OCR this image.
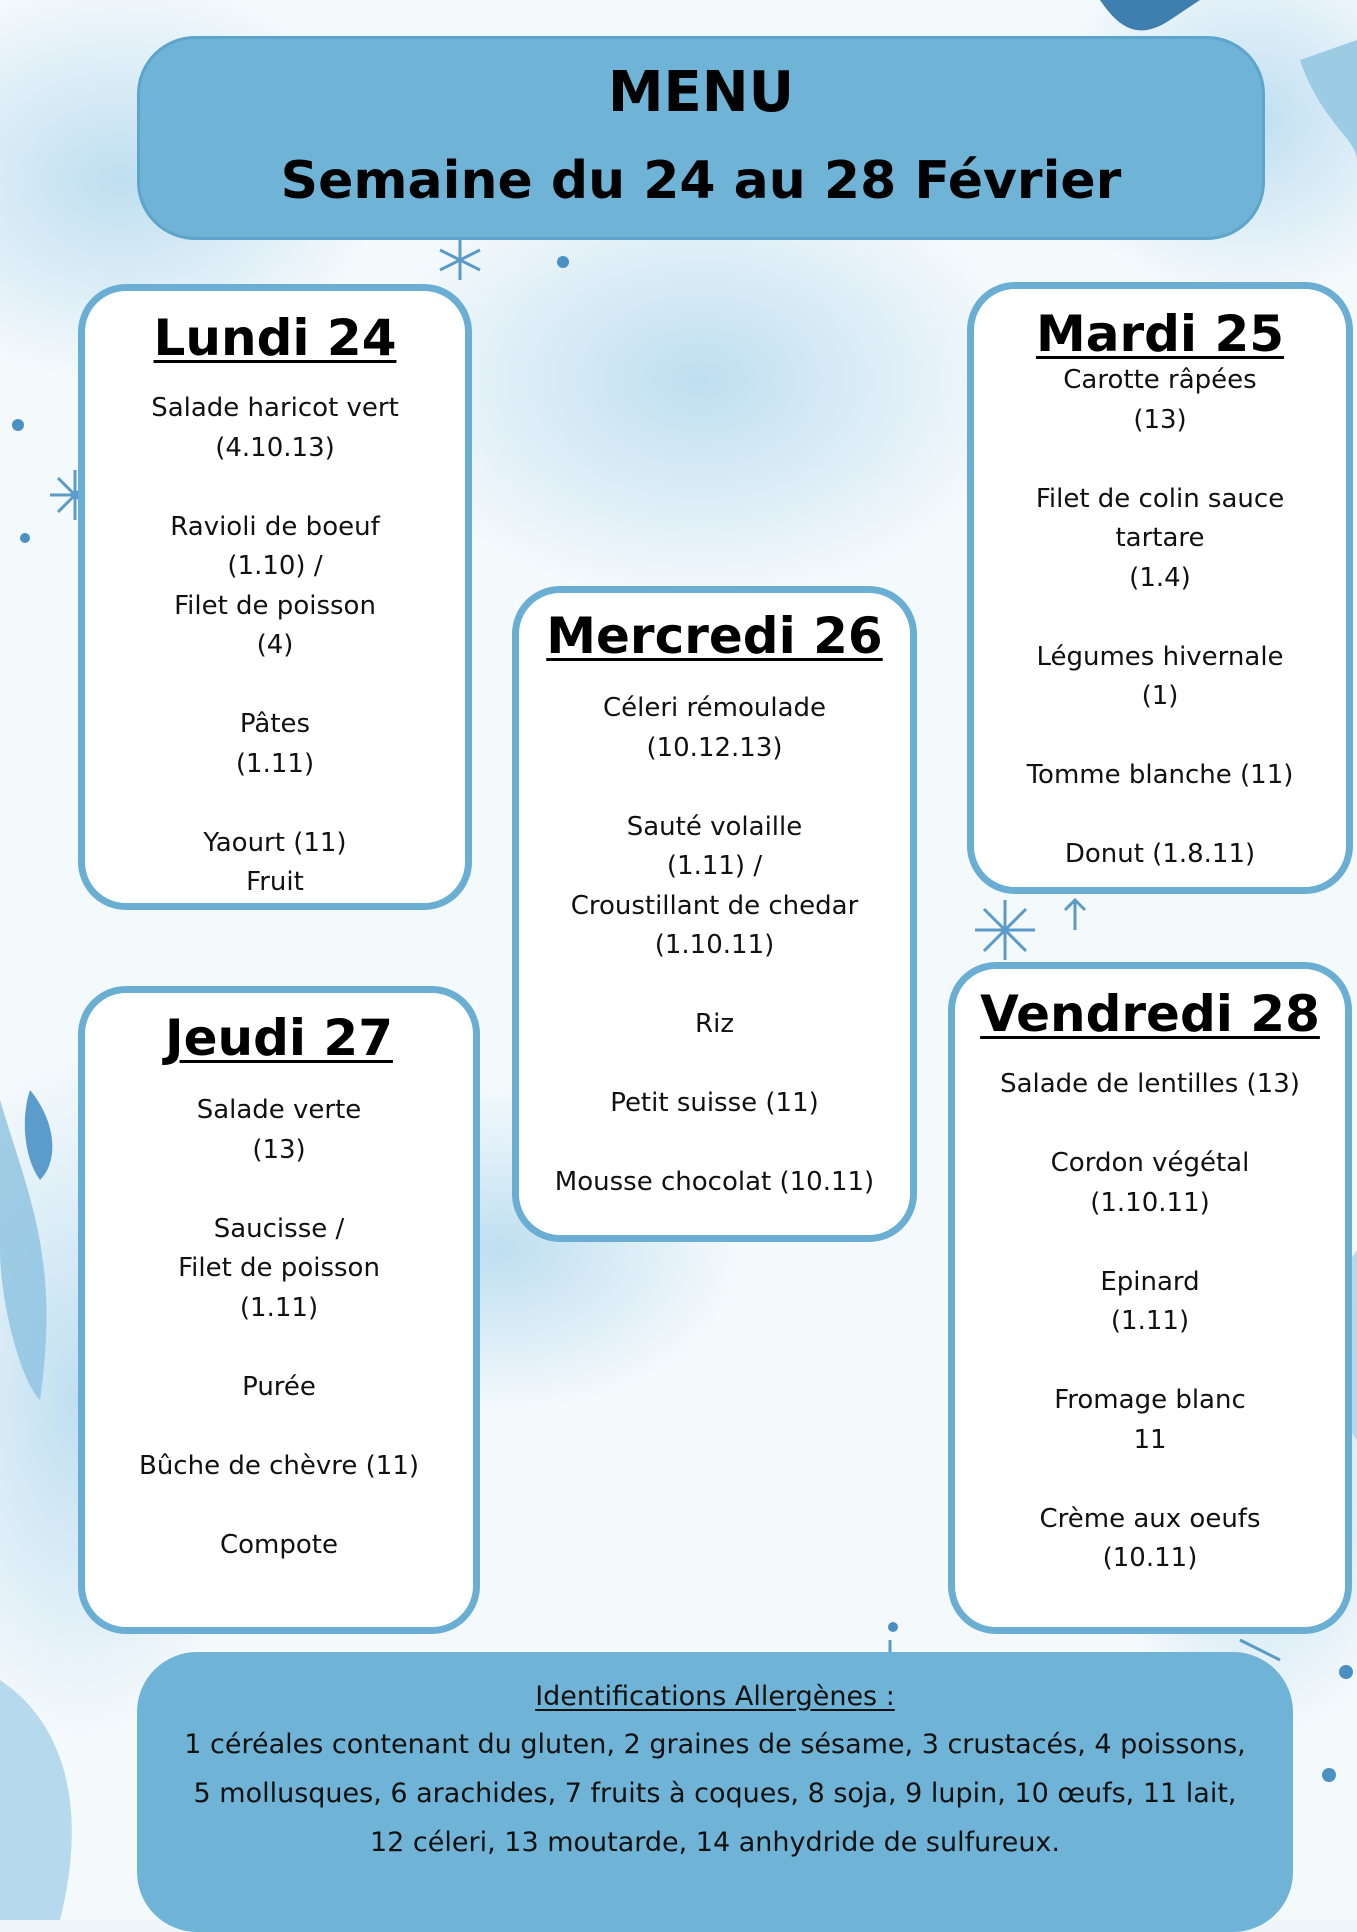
MENU
Semaine du 24 au 28 Février
Lundi 24
Salade haricot vert
(4.10.13)
Ravioli de boeuf
(1.10) /
Filet de poisson
(4)
Pâtes
(1.11)
Yaourt (11)
Fruit
Mardi 25
Carotte râpées
(13)
Filet de colin sauce
tartare
(1.4)
Légumes hivernale
(1)
Tomme blanche (11)
Donut (1.8.11)
Mercredi 26
Céleri rémoulade
(10.12.13)
Sauté volaille
(1.11) /
Croustillant de chedar
(1.10.11)
Riz
Petit suisse (11)
Mousse chocolat (10.11)
Jeudi 27
Salade verte
(13)
Saucisse /
Filet de poisson
(1.11)
Purée
Bûche de chèvre (11)
Compote
Vendredi 28
Salade de lentilles (13)
Cordon végétal
(1.10.11)
Epinard
(1.11)
Fromage blanc
11
Crème aux oeufs
(10.11)
Identifications Allergènes :
1 céréales contenant du gluten, 2 graines de sésame, 3 crustacés, 4 poissons, 5 mollusques, 6 arachides, 7 fruits à coques, 8 soja, 9 lupin, 10 œufs, 11 lait, 12 céleri, 13 moutarde, 14 anhydride de sulfureux.
